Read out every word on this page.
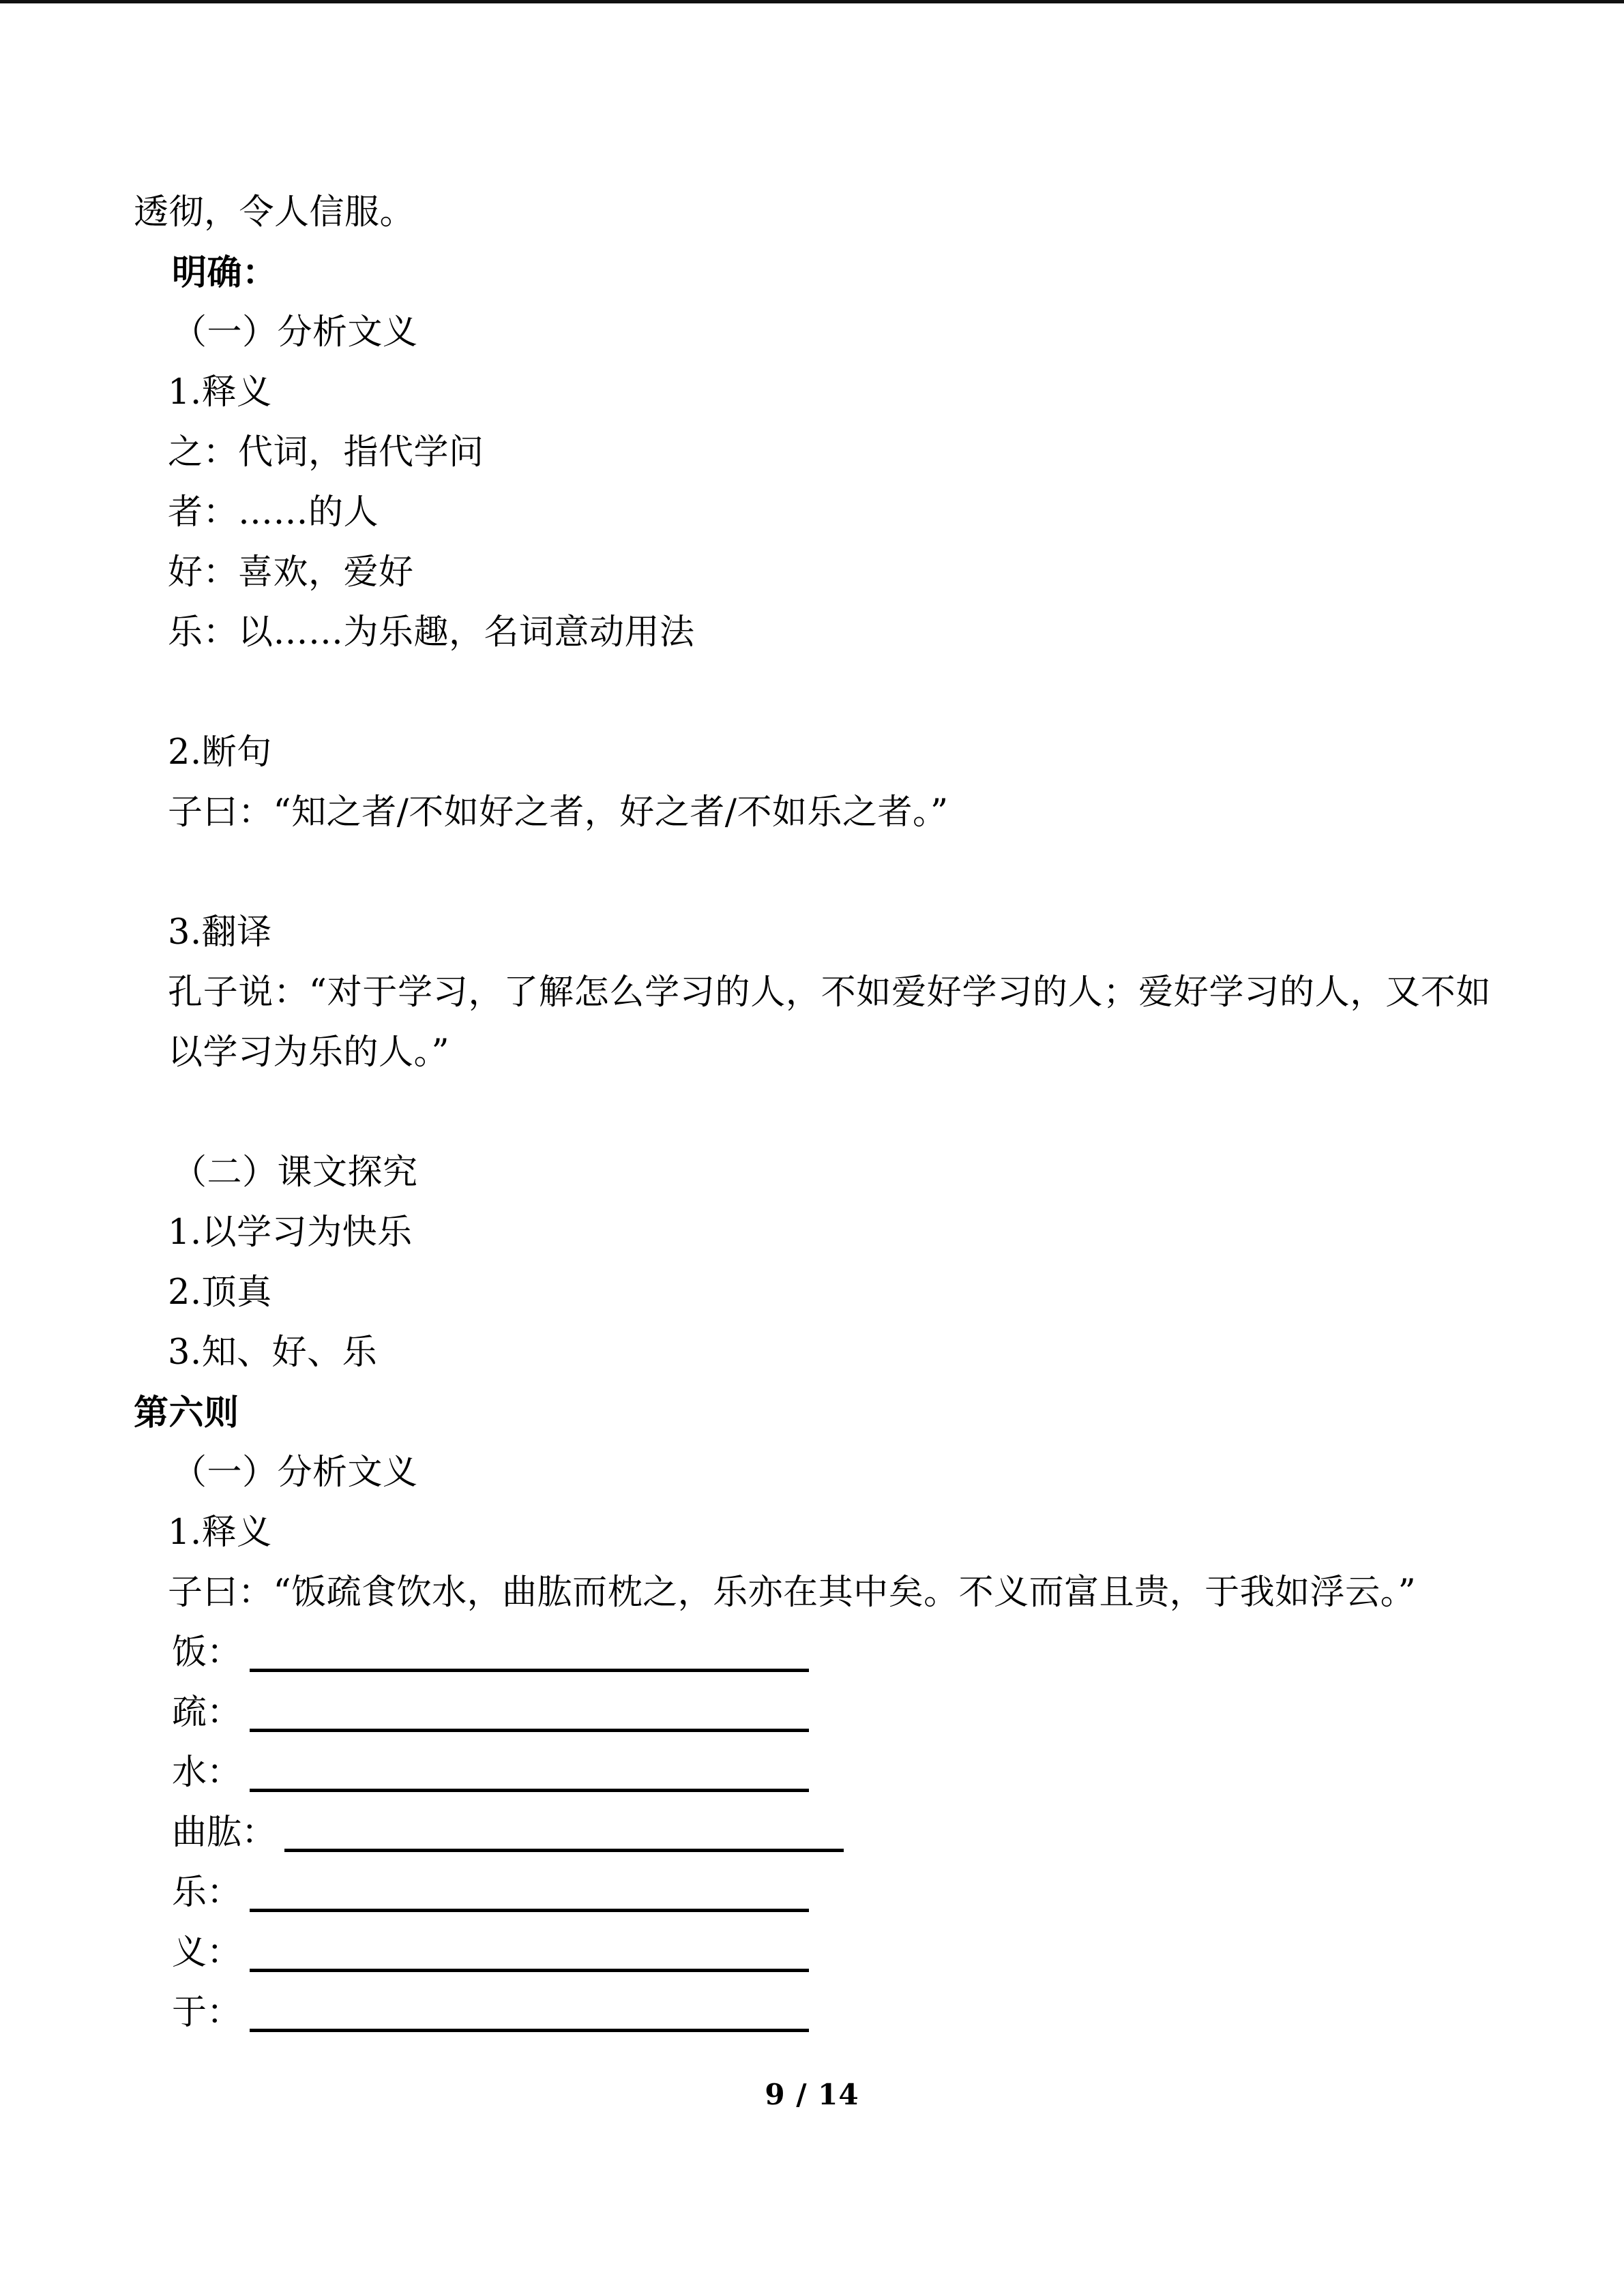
透彻，令人信服。
明确：
（一）分析文义
1.释义
之：代词，指代学问
者：……的人
好：喜欢，爱好
乐：以……为乐趣，名词意动用法
2.断句
子曰：“知之者/不如好之者，好之者/不如乐之者。”
3.翻译
孔子说：“对于学习，了解怎么学习的人，不如爱好学习的人；爱好学习的人，又不如以学习为乐的人。”
（二）课文探究
1.以学习为快乐
2.顶真
3.知、好、乐
第六则
（一）分析文义
1.释义
子曰：“饭疏食饮水，曲肱而枕之，乐亦在其中矣。不义而富且贵，于我如浮云。”
饭：
疏：
水：
曲肱：
乐：
义：
于：
9 / 14
